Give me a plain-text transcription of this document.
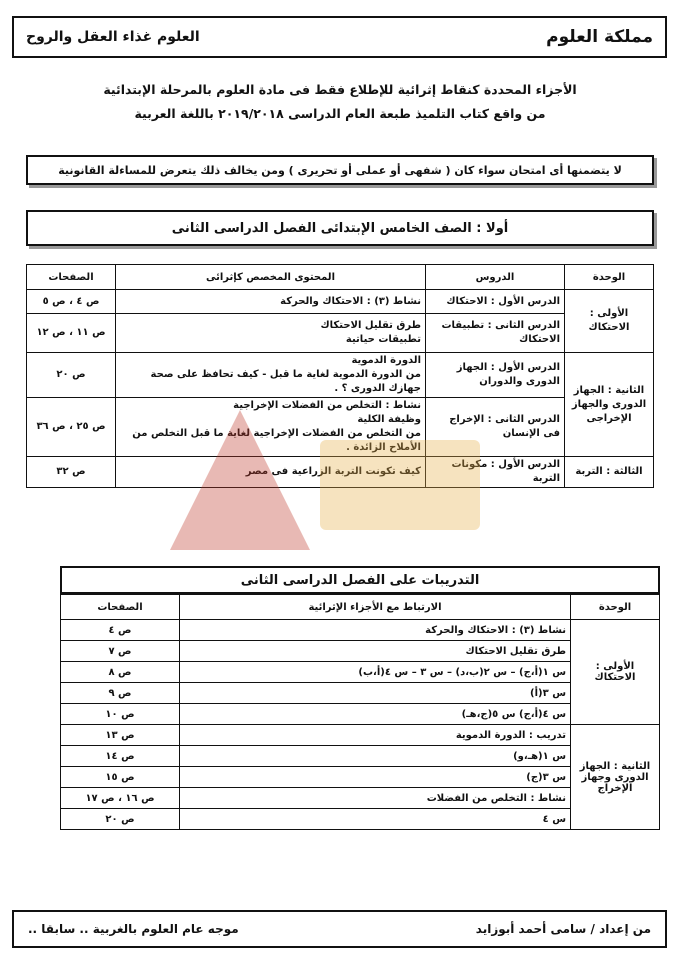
مملكة العلوم
العلوم غذاء العقل والروح
الأجزاء المحددة كنقاط إثرائية للإطلاع فقط فى مادة العلوم بالمرحلة الإبتدائية
من واقع كتاب التلميذ طبعة العام الدراسى ٢٠١٩/٢٠١٨ باللغة العربية
لا يتضمنها أى امتحان سواء كان ( شفهى أو عملى أو تحريرى ) ومن يخالف ذلك يتعرض للمساءلة القانونية
أولا : الصف الخامس الإبتدائى الفصل الدراسى الثانى
الوحدة	الدروس	المحتوى المخصص كإثرائى	الصفحات
الأولى : الاحتكاك	الدرس الأول : الاحتكاك	نشاط (٣) : الاحتكاك والحركة	ص ٤ ، ص ٥
	الدرس الثانى : تطبيقات الاحتكاك	طرق تقليل الاحتكاك
تطبيقات حياتية	ص ١١ ، ص ١٢
الثانية : الجهاز الدورى والجهاز الإخراجى	الدرس الأول : الجهاز الدورى والدوران	الدورة الدموية
من الدورة الدموية لغاية ما قبل - كيف تحافظ على صحة جهازك الدورى ؟ .	ص ٢٠
	الدرس الثانى : الإخراج فى الإنسان	نشاط : التخلص من الفضلات الإخراجية
وظيفة الكلية
من التخلص من الفضلات الإخراجية لغاية ما قبل التخلص من الأملاح الزائدة .	ص ٢٥ ، ص ٣٦
الثالثة : التربة	الدرس الأول : مكونات التربة	كيف تكونت التربة الزراعية فى مصر	ص ٣٢
التدريبات على الفصل الدراسى الثانى
الوحدة	الارتباط مع الأجزاء الإثرائية	الصفحات
الأولى : الاحتكاك	نشاط (٣) : الاحتكاك والحركة	ص ٤
	طرق تقليل الاحتكاك	ص ٧
	س ١(أ،ج) – س ٢(ب،د) – س ٣ – س ٤(أ،ب)	ص ٨
	س ٣(أ)	ص ٩
	س ٤(أ،ج) س ٥(ج،هـ)	ص ١٠
الثانية : الجهاز الدورى وجهاز الإخراج	تدريب : الدورة الدموية	ص ١٣
	س ١(هـ،و)	ص ١٤
	س ٣(ج)	ص ١٥
	نشاط : التخلص من الفضلات	ص ١٦ ، ص ١٧
	س ٤	ص ٢٠
من إعداد / سامى أحمد أبوزايد
موجه عام العلوم بالغربية .. سابقا ..
